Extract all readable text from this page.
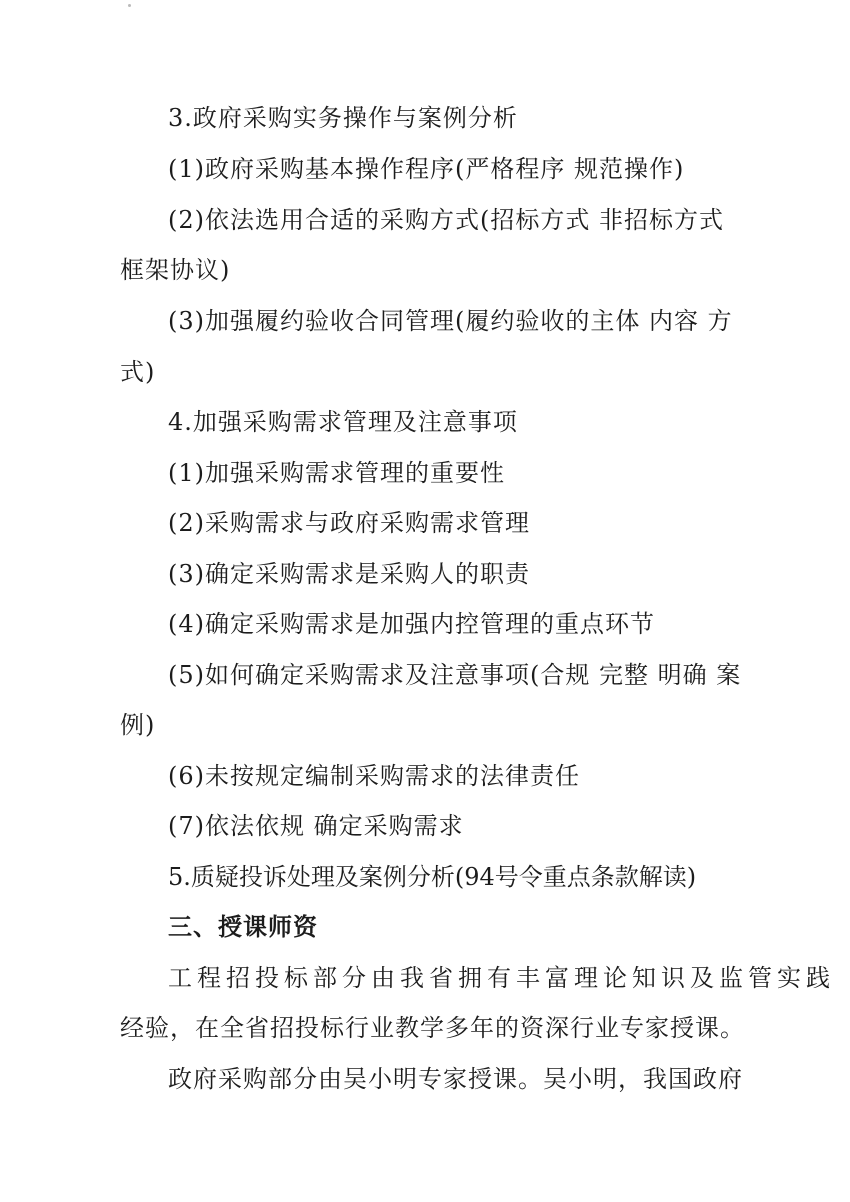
3.政府采购实务操作与案例分析
(1)政府采购基本操作程序(严格程序 规范操作)
(2)依法选用合适的采购方式(招标方式 非招标方式
框架协议)
(3)加强履约验收合同管理(履约验收的主体 内容 方
式)
4.加强采购需求管理及注意事项
(1)加强采购需求管理的重要性
(2)采购需求与政府采购需求管理
(3)确定采购需求是采购人的职责
(4)确定采购需求是加强内控管理的重点环节
(5)如何确定采购需求及注意事项(合规 完整 明确 案
例)
(6)未按规定编制采购需求的法律责任
(7)依法依规 确定采购需求
5.质疑投诉处理及案例分析(94号令重点条款解读)
三、授课师资
工程招投标部分由我省拥有丰富理论知识及监管实践
经验，在全省招投标行业教学多年的资深行业专家授课。
政府采购部分由吴小明专家授课。吴小明，我国政府
